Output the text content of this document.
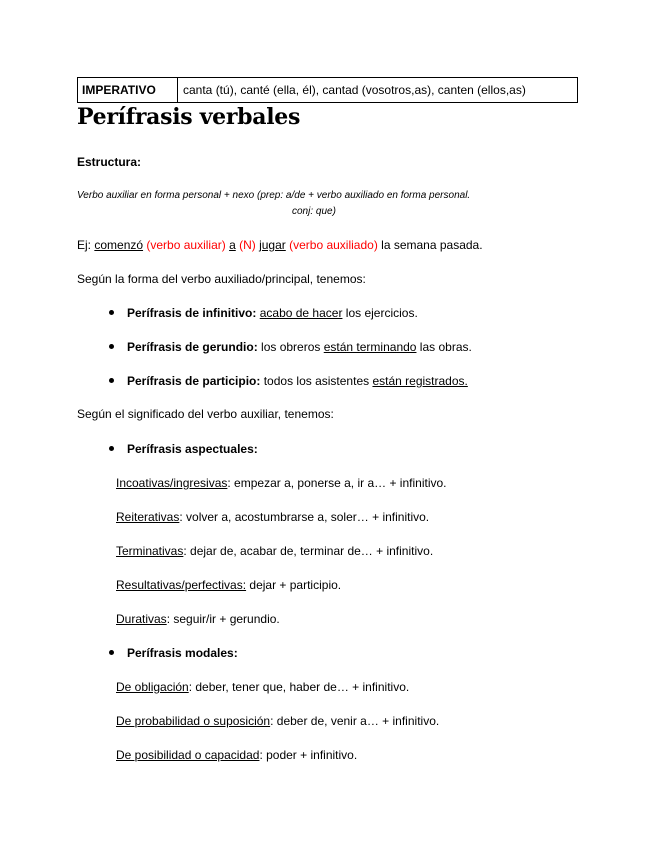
IMPERATIVO	canta (tú), canté (ella, él), cantad (vosotros,as), canten (ellos,as)
Perífrasis verbales
Estructura:
Verbo auxiliar en forma personal + nexo (prep: a/de + verbo auxiliado en forma personal.
conj: que)
Ej: comenzó (verbo auxiliar) a (N) jugar (verbo auxiliado) la semana pasada.
Según la forma del verbo auxiliado/principal, tenemos:
Perífrasis de infinitivo: acabo de hacer los ejercicios.
Perífrasis de gerundio: los obreros están terminando las obras.
Perífrasis de participio: todos los asistentes están registrados.
Según el significado del verbo auxiliar, tenemos:
Perífrasis aspectuales:
Incoativas/ingresivas: empezar a, ponerse a, ir a… + infinitivo.
Reiterativas: volver a, acostumbrarse a, soler… + infinitivo.
Terminativas: dejar de, acabar de, terminar de… + infinitivo.
Resultativas/perfectivas: dejar + participio.
Durativas: seguir/ir + gerundio.
Perífrasis modales:
De obligación: deber, tener que, haber de… + infinitivo.
De probabilidad o suposición: deber de, venir a… + infinitivo.
De posibilidad o capacidad: poder + infinitivo.
